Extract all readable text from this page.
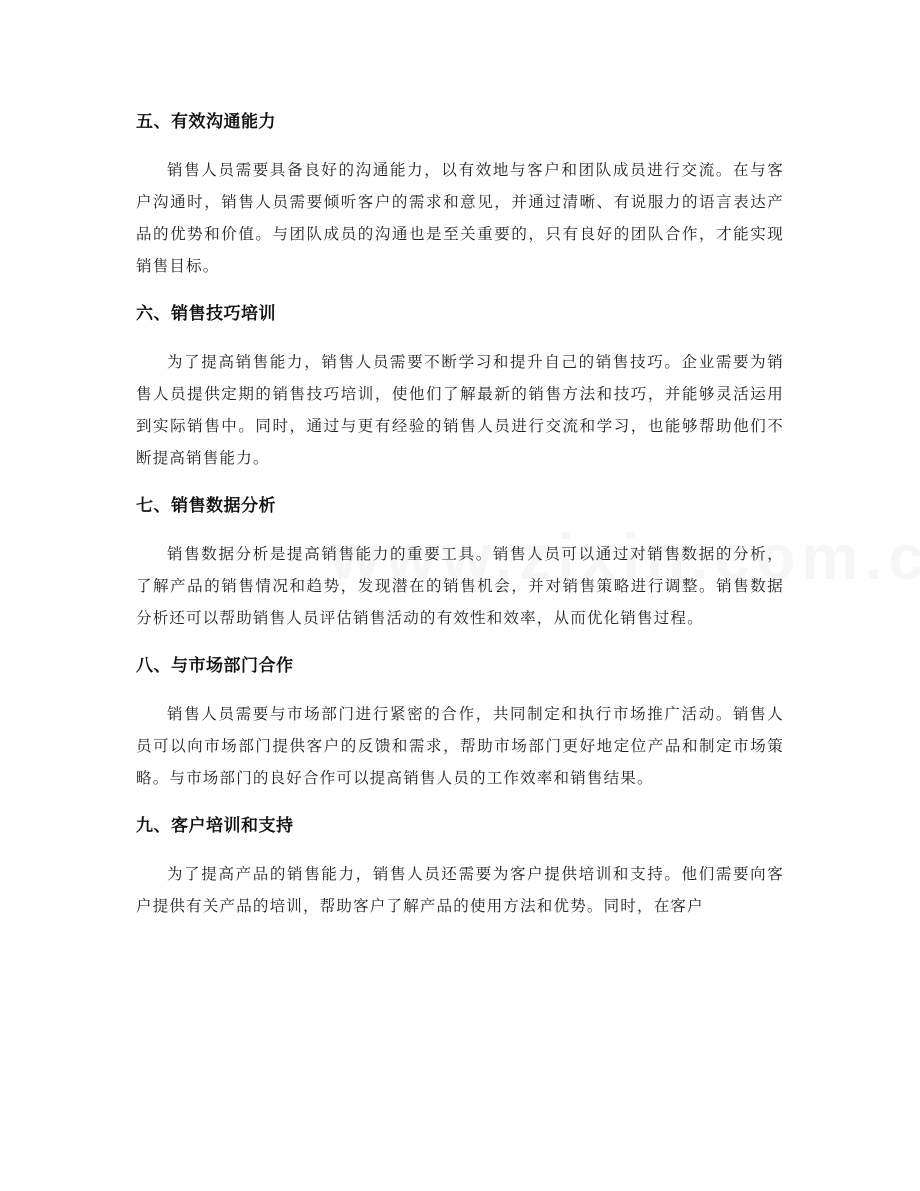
五、有效沟通能力

销售人员需要具备良好的沟通能力，以有效地与客户和团队成员进行交流。在与客户沟通时，销售人员需要倾听客户的需求和意见，并通过清晰、有说服力的语言表达产品的优势和价值。与团队成员的沟通也是至关重要的，只有良好的团队合作，才能实现销售目标。

六、销售技巧培训

为了提高销售能力，销售人员需要不断学习和提升自己的销售技巧。企业需要为销售人员提供定期的销售技巧培训，使他们了解最新的销售方法和技巧，并能够灵活运用到实际销售中。同时，通过与更有经验的销售人员进行交流和学习，也能够帮助他们不断提高销售能力。

七、销售数据分析

销售数据分析是提高销售能力的重要工具。销售人员可以通过对销售数据的分析，了解产品的销售情况和趋势，发现潜在的销售机会，并对销售策略进行调整。销售数据分析还可以帮助销售人员评估销售活动的有效性和效率，从而优化销售过程。

八、与市场部门合作

销售人员需要与市场部门进行紧密的合作，共同制定和执行市场推广活动。销售人员可以向市场部门提供客户的反馈和需求，帮助市场部门更好地定位产品和制定市场策略。与市场部门的良好合作可以提高销售人员的工作效率和销售结果。

九、客户培训和支持

为了提高产品的销售能力，销售人员还需要为客户提供培训和支持。他们需要向客户提供有关产品的培训，帮助客户了解产品的使用方法和优势。同时，在客户
